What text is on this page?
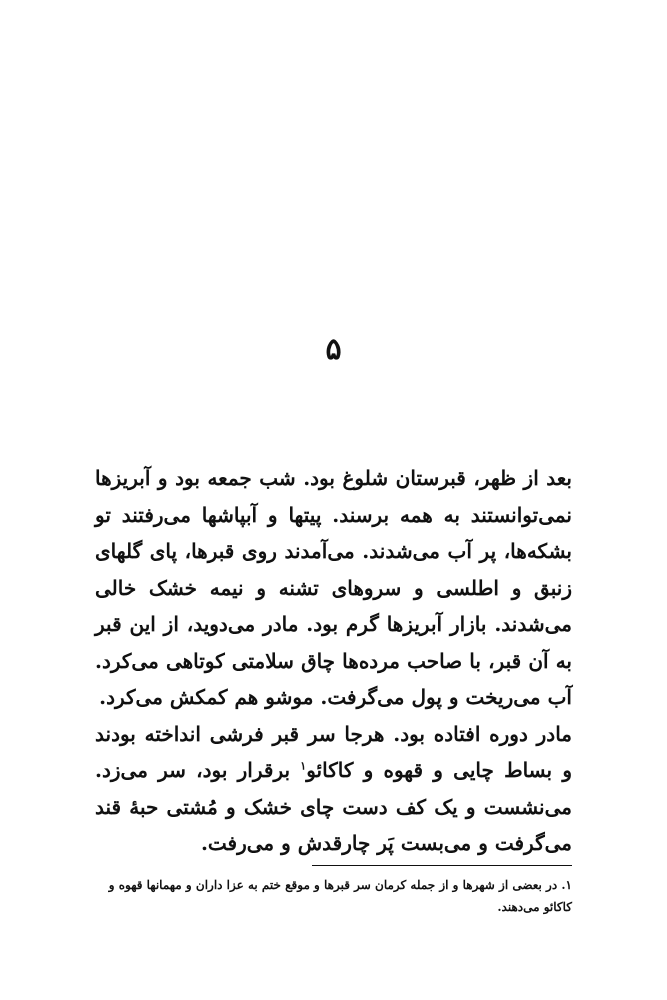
۵

بعد از ظهر، قبرستان شلوغ بود. شب جمعه بود و آبریزها نمی‌توانستند به همه برسند. پیتها و آبپاشها می‌رفتند تو بشکه‌ها، پر آب می‌شدند. می‌آمدند روی قبرها، پای گلهای زنبق و اطلسی و سروهای تشنه و نیمه خشک خالی می‌شدند. بازار آبریزها گرم بود. مادر می‌دوید، از این قبر به آن قبر، با صاحب مرده‌ها چاق سلامتی کوتاهی می‌کرد. آب می‌ریخت و پول می‌گرفت. موشو هم کمکش می‌کرد.

مادر دوره افتاده بود. هرجا سر قبر فرشی انداخته بودند و بساط چایی و قهوه و کاکائو$^۱$ برقرار بود، سر می‌زد. می‌نشست و یک کف دست چای خشک و مُشتی حبهٔ قند می‌گرفت و می‌بست پَر چارقدش و می‌رفت.

۱. در بعضی از شهرها و از جمله کرمان سر قبرها و موقع ختم به عزا داران و مهمانها قهوه و کاکائو می‌دهند.
